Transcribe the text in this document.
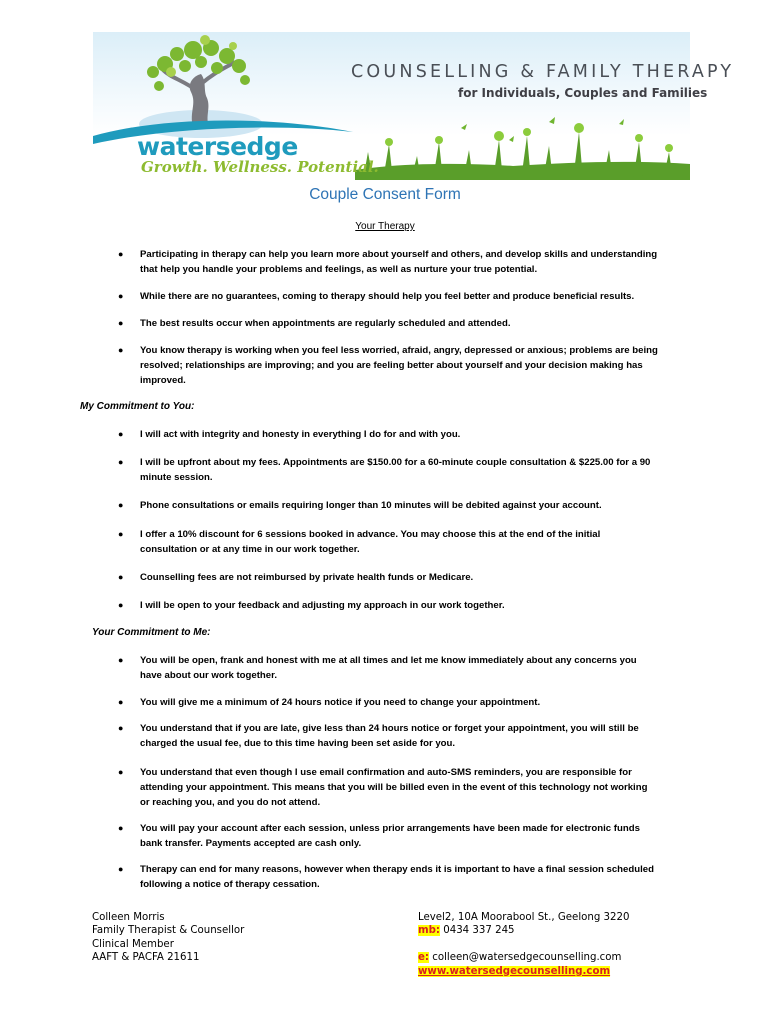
COUNSELLING & FAMILY THERAPY
for Individuals, Couples and Families
watersedge
Growth. Wellness. Potential.
Couple Consent Form
Your Therapy
● Participating in therapy can help you learn more about yourself and others, and develop skills and understanding that help you handle your problems and feelings, as well as nurture your true potential.
● While there are no guarantees, coming to therapy should help you feel better and produce beneficial results.
● The best results occur when appointments are regularly scheduled and attended.
● You know therapy is working when you feel less worried, afraid, angry, depressed or anxious; problems are being resolved; relationships are improving; and you are feeling better about yourself and your decision making has improved.
My Commitment to You:
● I will act with integrity and honesty in everything I do for and with you.
● I will be upfront about my fees. Appointments are $150.00 for a 60-minute couple consultation & $225.00 for a 90 minute session.
● Phone consultations or emails requiring longer than 10 minutes will be debited against your account.
● I offer a 10% discount for 6 sessions booked in advance. You may choose this at the end of the initial consultation or at any time in our work together.
● Counselling fees are not reimbursed by private health funds or Medicare.
● I will be open to your feedback and adjusting my approach in our work together.
Your Commitment to Me:
● You will be open, frank and honest with me at all times and let me know immediately about any concerns you have about our work together.
● You will give me a minimum of 24 hours notice if you need to change your appointment.
● You understand that if you are late, give less than 24 hours notice or forget your appointment, you will still be charged the usual fee, due to this time having been set aside for you.
● You understand that even though I use email confirmation and auto-SMS reminders, you are responsible for attending your appointment. This means that you will be billed even in the event of this technology not working or reaching you, and you do not attend.
● You will pay your account after each session, unless prior arrangements have been made for electronic funds bank transfer. Payments accepted are cash only.
● Therapy can end for many reasons, however when therapy ends it is important to have a final session scheduled following a notice of therapy cessation.
Colleen Morris
Family Therapist & Counsellor
Clinical Member
AAFT & PACFA 21611
Level2, 10A Moorabool St., Geelong 3220
mb: 0434 337 245

e: colleen@watersedgecounselling.com
www.watersedgecounselling.com
